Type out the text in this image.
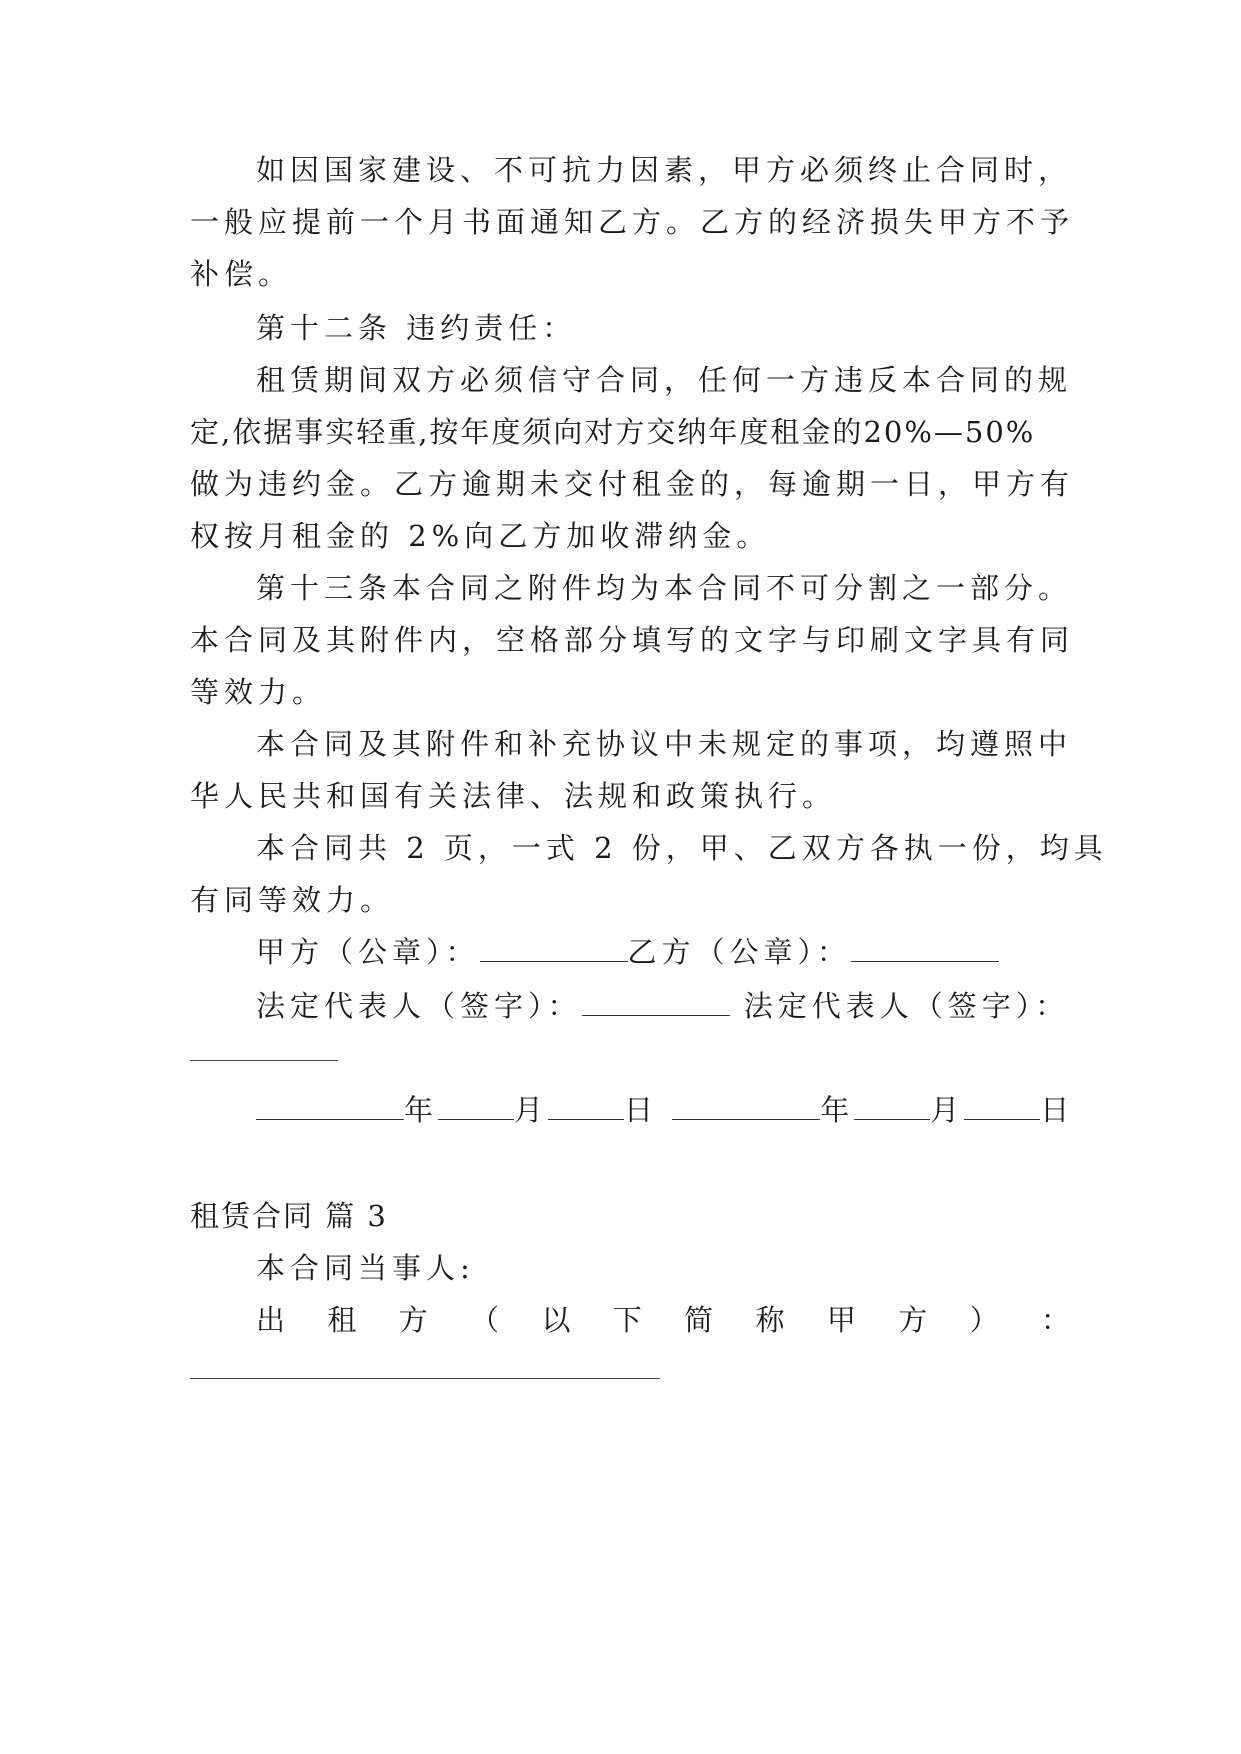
如因国家建设、不可抗力因素，甲方必须终止合同时，
一般应提前一个月书面通知乙方。乙方的经济损失甲方不予
补偿。
第十二条 违约责任：
租赁期间双方必须信守合同，任何一方违反本合同的规
定,依据事实轻重,按年度须向对方交纳年度租金的20%—50%
做为违约金。乙方逾期未交付租金的，每逾期一日，甲方有
权按月租金的 2%向乙方加收滞纳金。
第十三条本合同之附件均为本合同不可分割之一部分。
本合同及其附件内，空格部分填写的文字与印刷文字具有同
等效力。
本合同及其附件和补充协议中未规定的事项，均遵照中
华人民共和国有关法律、法规和政策执行。
本合同共 2 页，一式 2 份，甲、乙双方各执一份，均具
有同等效力。
甲方（公章）：	乙方（公章）：
法定代表人（签字）：	法定代表人（签字）：
年	月	日	年	月	日
租赁合同 篇 3
本合同当事人:
出 租 方 （ 以 下 简 称 甲 方 ） ：
